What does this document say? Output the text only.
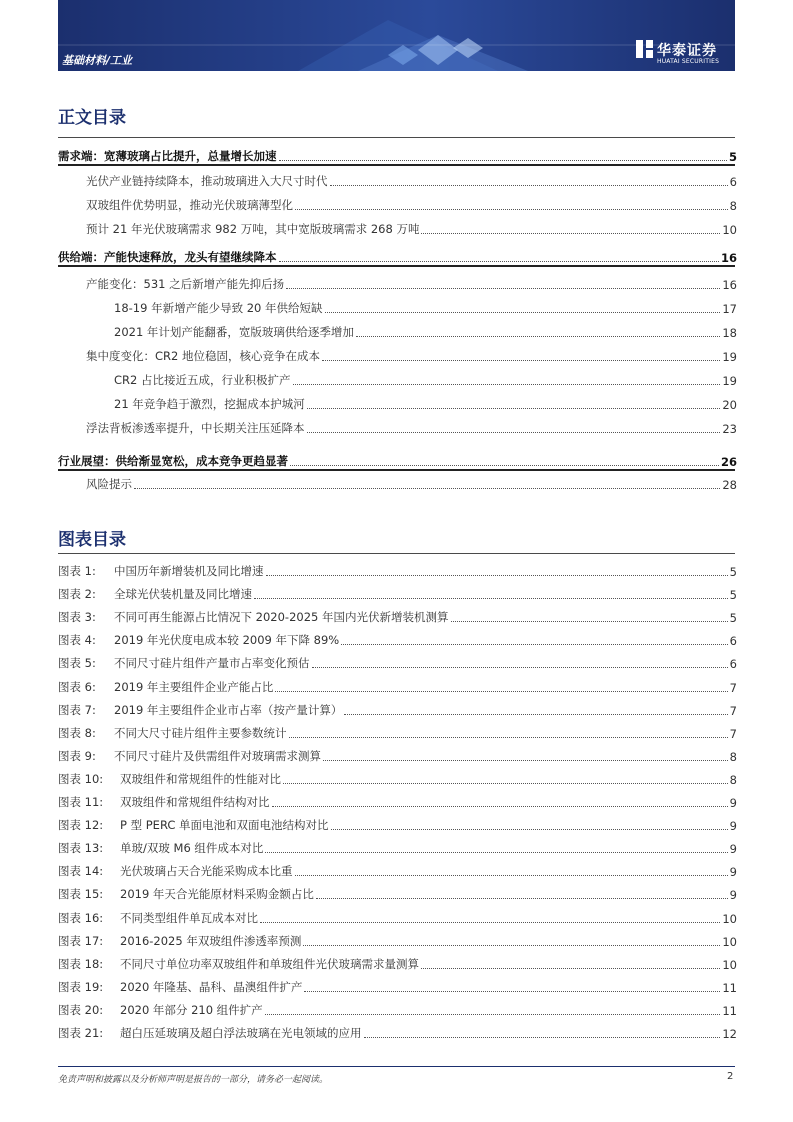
基础材料/工业
华泰证券
HUATAI SECURITIES
正文目录
需求端：宽薄玻璃占比提升，总量增长加速	5
光伏产业链持续降本，推动玻璃进入大尺寸时代	6
双玻组件优势明显，推动光伏玻璃薄型化	8
预计 21 年光伏玻璃需求 982 万吨，其中宽版玻璃需求 268 万吨	10
供给端：产能快速释放，龙头有望继续降本	16
产能变化：531 之后新增产能先抑后扬	16
18-19 年新增产能少导致 20 年供给短缺	17
2021 年计划产能翻番，宽版玻璃供给逐季增加	18
集中度变化：CR2 地位稳固，核心竞争在成本	19
CR2 占比接近五成，行业积极扩产	19
21 年竞争趋于激烈，挖掘成本护城河	20
浮法背板渗透率提升，中长期关注压延降本	23
行业展望：供给渐显宽松，成本竞争更趋显著	26
风险提示	28
图表目录
图表 1: 中国历年新增装机及同比增速	5
图表 2: 全球光伏装机量及同比增速	5
图表 3: 不同可再生能源占比情况下 2020-2025 年国内光伏新增装机测算	5
图表 4: 2019 年光伏度电成本较 2009 年下降 89%	6
图表 5: 不同尺寸硅片组件产量市占率变化预估	6
图表 6: 2019 年主要组件企业产能占比	7
图表 7: 2019 年主要组件企业市占率（按产量计算）	7
图表 8: 不同大尺寸硅片组件主要参数统计	7
图表 9: 不同尺寸硅片及供需组件对玻璃需求测算	8
图表 10: 双玻组件和常规组件的性能对比	8
图表 11: 双玻组件和常规组件结构对比	9
图表 12: P 型 PERC 单面电池和双面电池结构对比	9
图表 13: 单玻/双玻 M6 组件成本对比	9
图表 14: 光伏玻璃占天合光能采购成本比重	9
图表 15: 2019 年天合光能原材料采购金额占比	9
图表 16: 不同类型组件单瓦成本对比	10
图表 17: 2016-2025 年双玻组件渗透率预测	10
图表 18: 不同尺寸单位功率双玻组件和单玻组件光伏玻璃需求量测算	10
图表 19: 2020 年隆基、晶科、晶澳组件扩产	11
图表 20: 2020 年部分 210 组件扩产	11
图表 21: 超白压延玻璃及超白浮法玻璃在光电领域的应用	12
免责声明和披露以及分析师声明是报告的一部分，请务必一起阅读。	2
